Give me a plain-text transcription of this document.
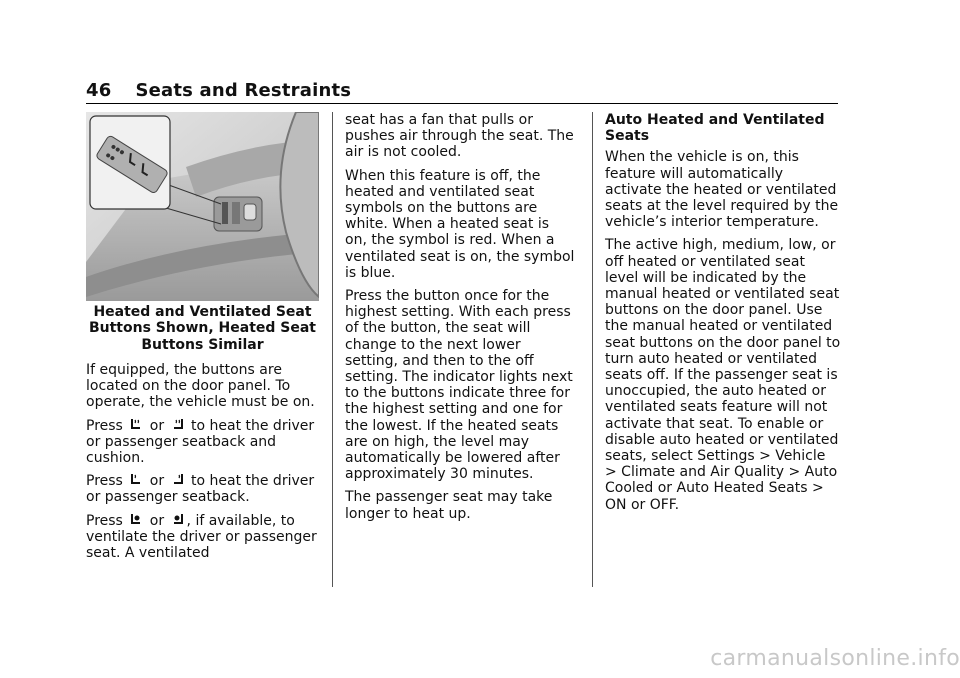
46 Seats and Restraints
Heated and Ventilated Seat Buttons Shown, Heated Seat Buttons Similar

If equipped, the buttons are located on the door panel. To operate, the vehicle must be on.

Press or to heat the driver or passenger seatback and cushion.

Press or to heat the driver or passenger seatback.

Press or , if available, to ventilate the driver or passenger seat. A ventilated

seat has a fan that pulls or pushes air through the seat. The air is not cooled.

When this feature is off, the heated and ventilated seat symbols on the buttons are white. When a heated seat is on, the symbol is red. When a ventilated seat is on, the symbol is blue.

Press the button once for the highest setting. With each press of the button, the seat will change to the next lower setting, and then to the off setting. The indicator lights next to the buttons indicate three for the highest setting and one for the lowest. If the heated seats are on high, the level may automatically be lowered after approximately 30 minutes.

The passenger seat may take longer to heat up.

Auto Heated and Ventilated Seats

When the vehicle is on, this feature will automatically activate the heated or ventilated seats at the level required by the vehicle’s interior temperature.

The active high, medium, low, or off heated or ventilated seat level will be indicated by the manual heated or ventilated seat buttons on the door panel. Use the manual heated or ventilated seat buttons on the door panel to turn auto heated or ventilated seats off. If the passenger seat is unoccupied, the auto heated or ventilated seats feature will not activate that seat. To enable or disable auto heated or ventilated seats, select Settings > Vehicle > Climate and Air Quality > Auto Cooled or Auto Heated Seats > ON or OFF.

carmanualsonline.info
